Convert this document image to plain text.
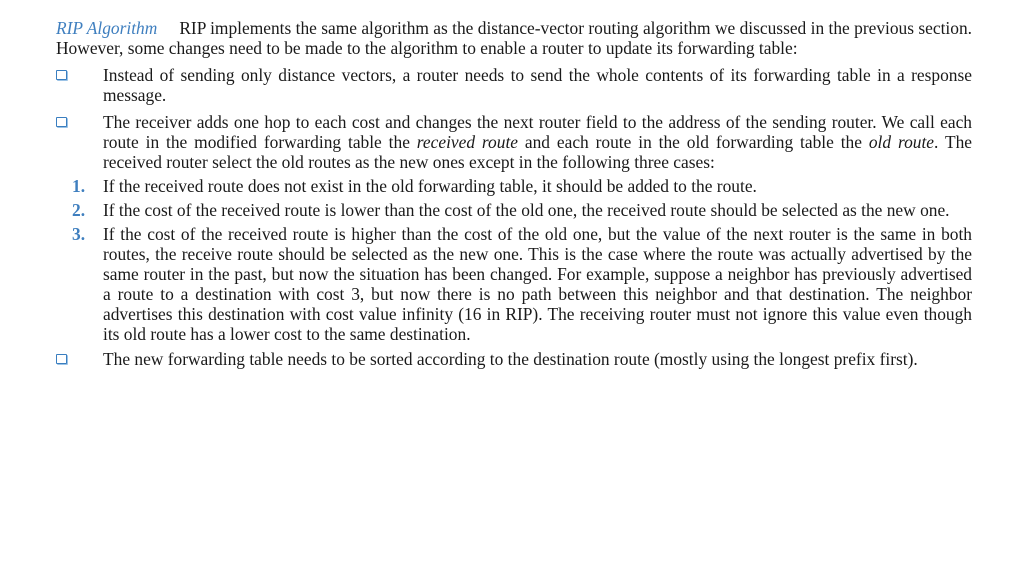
RIP Algorithm RIP implements the same algorithm as the distance-vector routing algorithm we discussed in the previous section. However, some changes need to be made to the algorithm to enable a router to update its forwarding table:

Instead of sending only distance vectors, a router needs to send the whole contents of its forwarding table in a response message.
The receiver adds one hop to each cost and changes the next router field to the address of the sending router. We call each route in the modified forwarding table the received route and each route in the old forwarding table the old route. The received router select the old routes as the new ones except in the following three cases:
1. If the received route does not exist in the old forwarding table, it should be added to the route.
2. If the cost of the received route is lower than the cost of the old one, the received route should be selected as the new one.
3. If the cost of the received route is higher than the cost of the old one, but the value of the next router is the same in both routes, the receive route should be selected as the new one. This is the case where the route was actually advertised by the same router in the past, but now the situation has been changed. For example, suppose a neighbor has previously advertised a route to a destination with cost 3, but now there is no path between this neighbor and that destination. The neighbor advertises this destination with cost value infinity (16 in RIP). The receiving router must not ignore this value even though its old route has a lower cost to the same destination.
The new forwarding table needs to be sorted according to the destination route (mostly using the longest prefix first).
